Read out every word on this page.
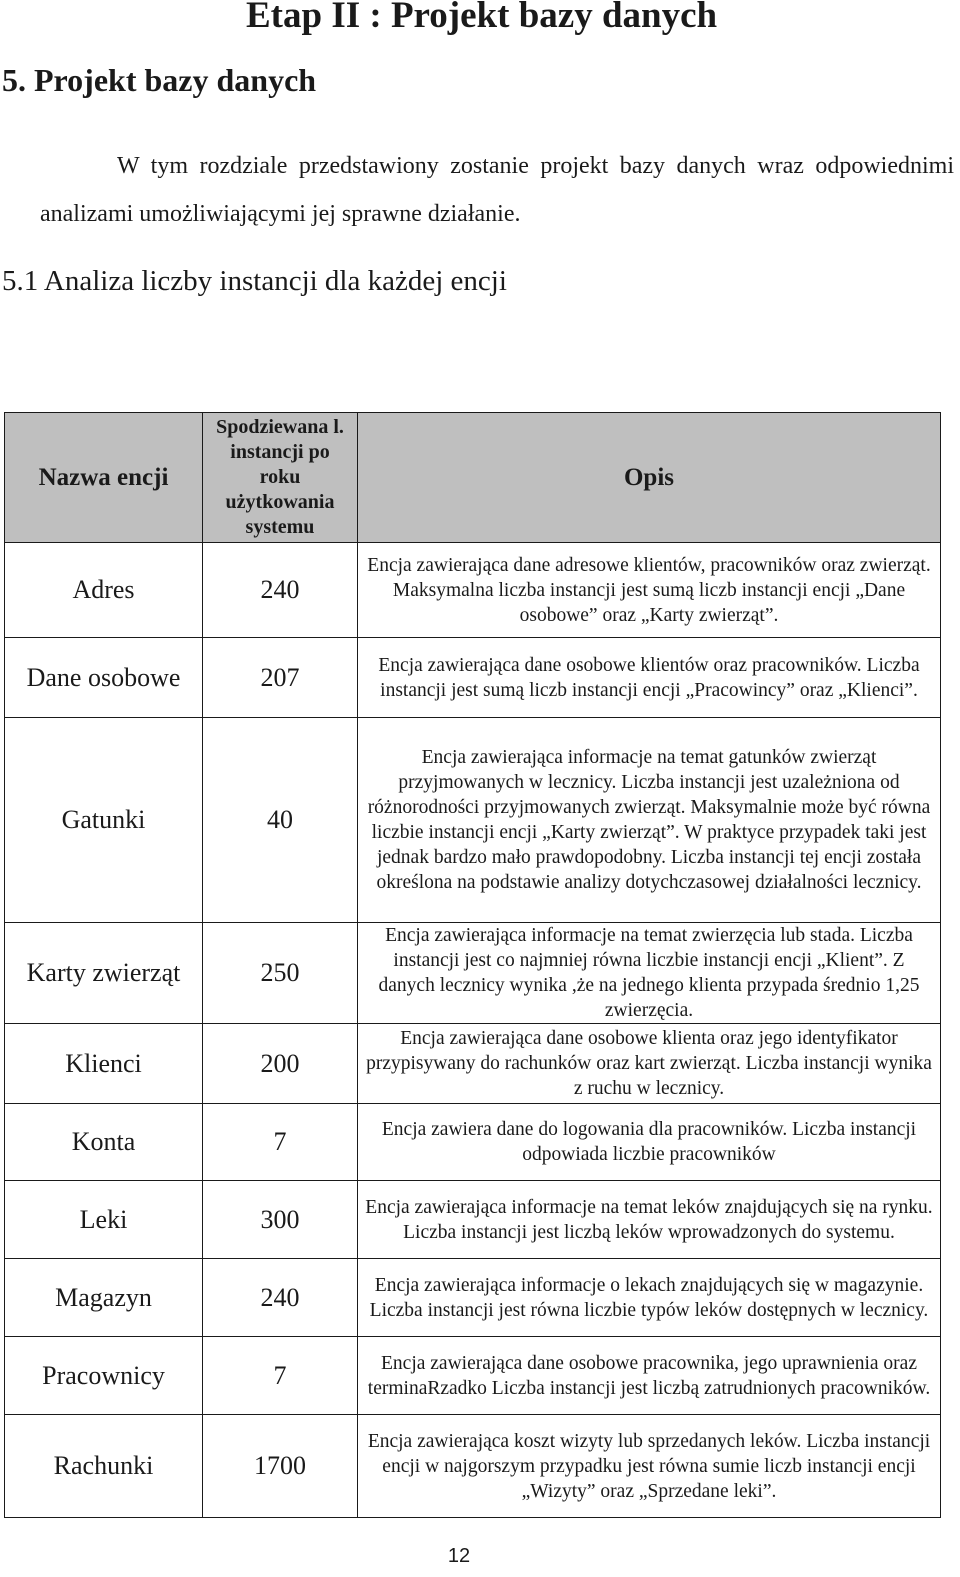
Etap II : Projekt bazy danych
5. Projekt bazy danych

W tym rozdziale przedstawiony zostanie projekt bazy danych wraz odpowiednimi analizami umożliwiającymi jej sprawne działanie.

5.1 Analiza liczby instancji dla każdej encji
Nazwa encji	Spodziewana l. instancji po roku użytkowania systemu	Opis
Adres	240	Encja zawierająca dane adresowe klientów, pracowników oraz zwierząt. Maksymalna liczba instancji jest sumą liczb instancji encji „Dane osobowe” oraz „Karty zwierząt”.
Dane osobowe	207	Encja zawierająca dane osobowe klientów oraz pracowników. Liczba instancji jest sumą liczb instancji encji „Pracowincy” oraz „Klienci”.
Gatunki	40	Encja zawierająca informacje na temat gatunków zwierząt przyjmowanych w lecznicy. Liczba instancji jest uzależniona od różnorodności przyjmowanych zwierząt. Maksymalnie może być równa liczbie instancji encji „Karty zwierząt”. W praktyce przypadek taki jest jednak bardzo mało prawdopodobny. Liczba instancji tej encji została określona na podstawie analizy dotychczasowej działalności lecznicy.
Karty zwierząt	250	Encja zawierająca informacje na temat zwierzęcia lub stada. Liczba instancji jest co najmniej równa liczbie instancji encji „Klient”. Z danych lecznicy wynika ,że na jednego klienta przypada średnio 1,25 zwierzęcia.
Klienci	200	Encja zawierająca dane osobowe klienta oraz jego identyfikator przypisywany do rachunków oraz kart zwierząt. Liczba instancji wynika z ruchu w lecznicy.
Konta	7	Encja zawiera dane do logowania dla pracowników. Liczba instancji odpowiada liczbie pracowników
Leki	300	Encja zawierająca informacje na temat leków znajdujących się na rynku. Liczba instancji jest liczbą leków wprowadzonych do systemu.
Magazyn	240	Encja zawierająca informacje o lekach znajdujących się w magazynie. Liczba instancji jest równa liczbie typów leków dostępnych w lecznicy.
Pracownicy	7	Encja zawierająca dane osobowe pracownika, jego uprawnienia oraz terminaRzadko Liczba instancji jest liczbą zatrudnionych pracowników.
Rachunki	1700	Encja zawierająca koszt wizyty lub sprzedanych leków. Liczba instancji encji w najgorszym przypadku jest równa sumie liczb instancji encji „Wizyty” oraz „Sprzedane leki”.
12
